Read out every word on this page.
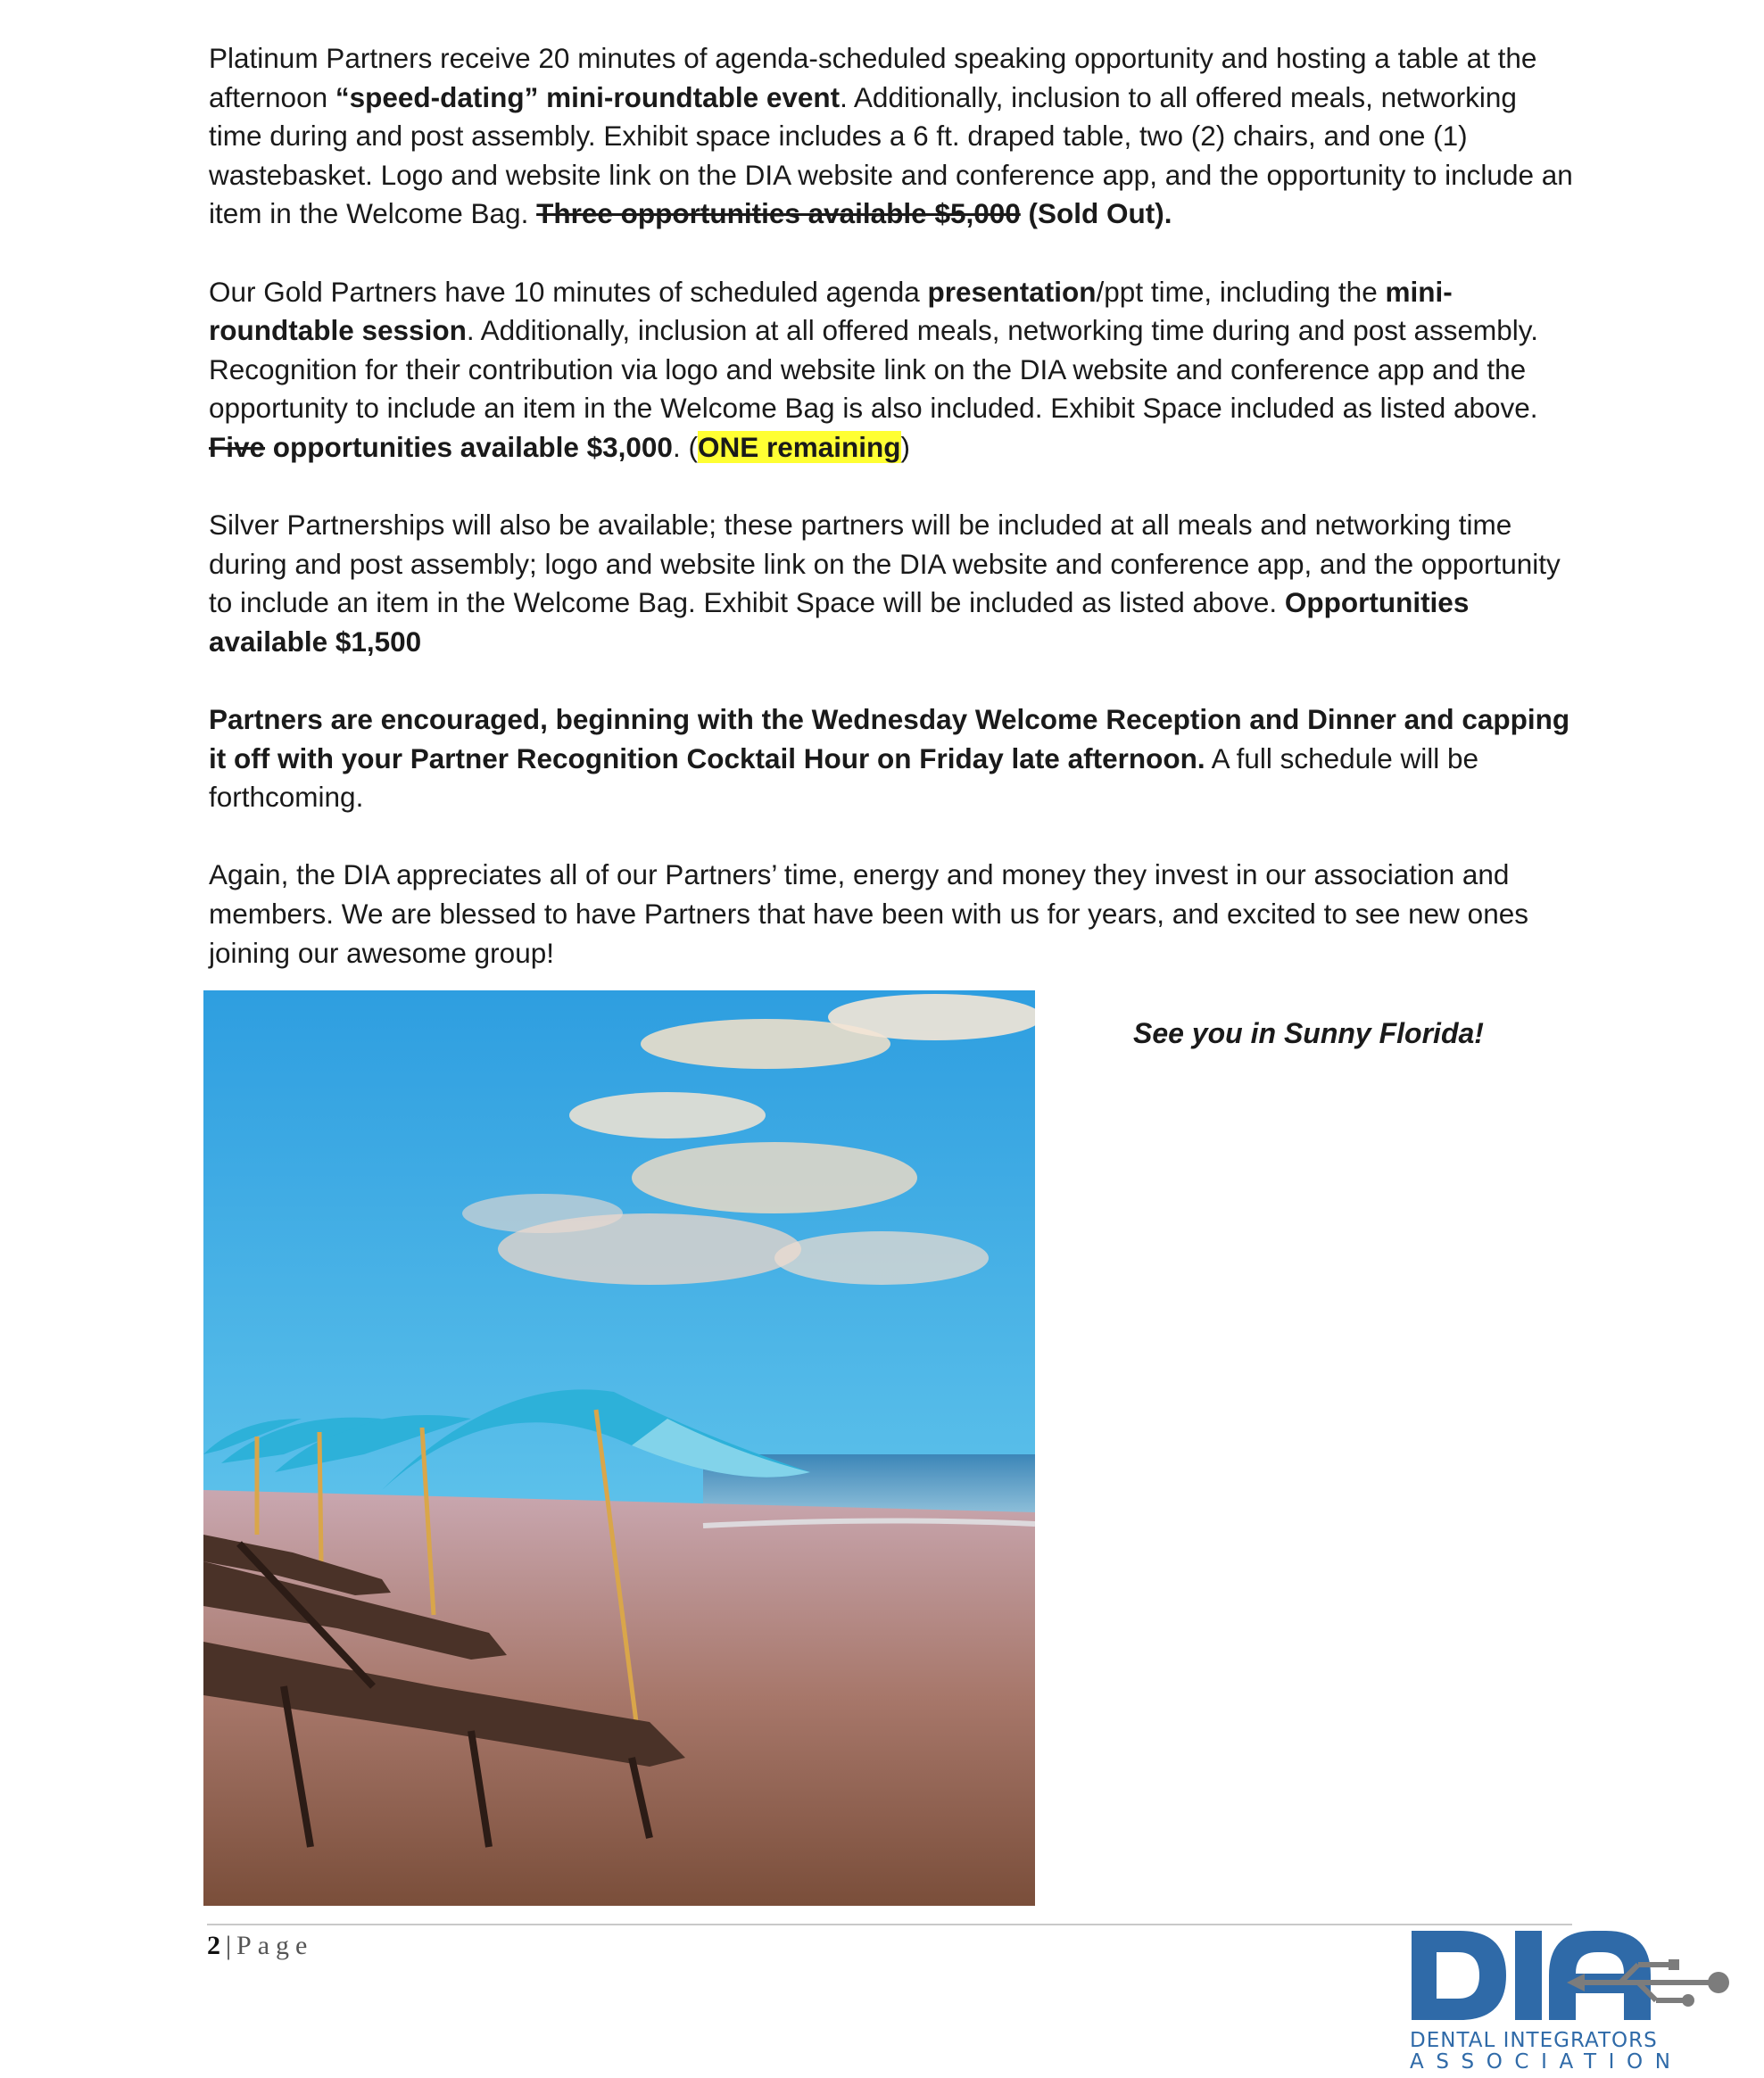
Platinum Partners receive 20 minutes of agenda-scheduled speaking opportunity and hosting a table at the afternoon “speed-dating” mini-roundtable event. Additionally, inclusion to all offered meals, networking time during and post assembly. Exhibit space includes a 6 ft. draped table, two (2) chairs, and one (1) wastebasket. Logo and website link on the DIA website and conference app, and the opportunity to include an item in the Welcome Bag. Three opportunities available $5,000 (Sold Out).

Our Gold Partners have 10 minutes of scheduled agenda presentation/ppt time, including the mini-roundtable session. Additionally, inclusion at all offered meals, networking time during and post assembly. Recognition for their contribution via logo and website link on the DIA website and conference app and the opportunity to include an item in the Welcome Bag is also included. Exhibit Space included as listed above. Five opportunities available $3,000. (ONE remaining)

Silver Partnerships will also be available; these partners will be included at all meals and networking time during and post assembly; logo and website link on the DIA website and conference app, and the opportunity to include an item in the Welcome Bag. Exhibit Space will be included as listed above. Opportunities available $1,500

Partners are encouraged, beginning with the Wednesday Welcome Reception and Dinner and capping it off with your Partner Recognition Cocktail Hour on Friday late afternoon. A full schedule will be forthcoming.

Again, the DIA appreciates all of our Partners’ time, energy and money they invest in our association and members. We are blessed to have Partners that have been with us for years, and excited to see new ones joining our awesome group!

See you in Sunny Florida!
2 | Page
DENTAL INTEGRATORS
ASSOCIATION
